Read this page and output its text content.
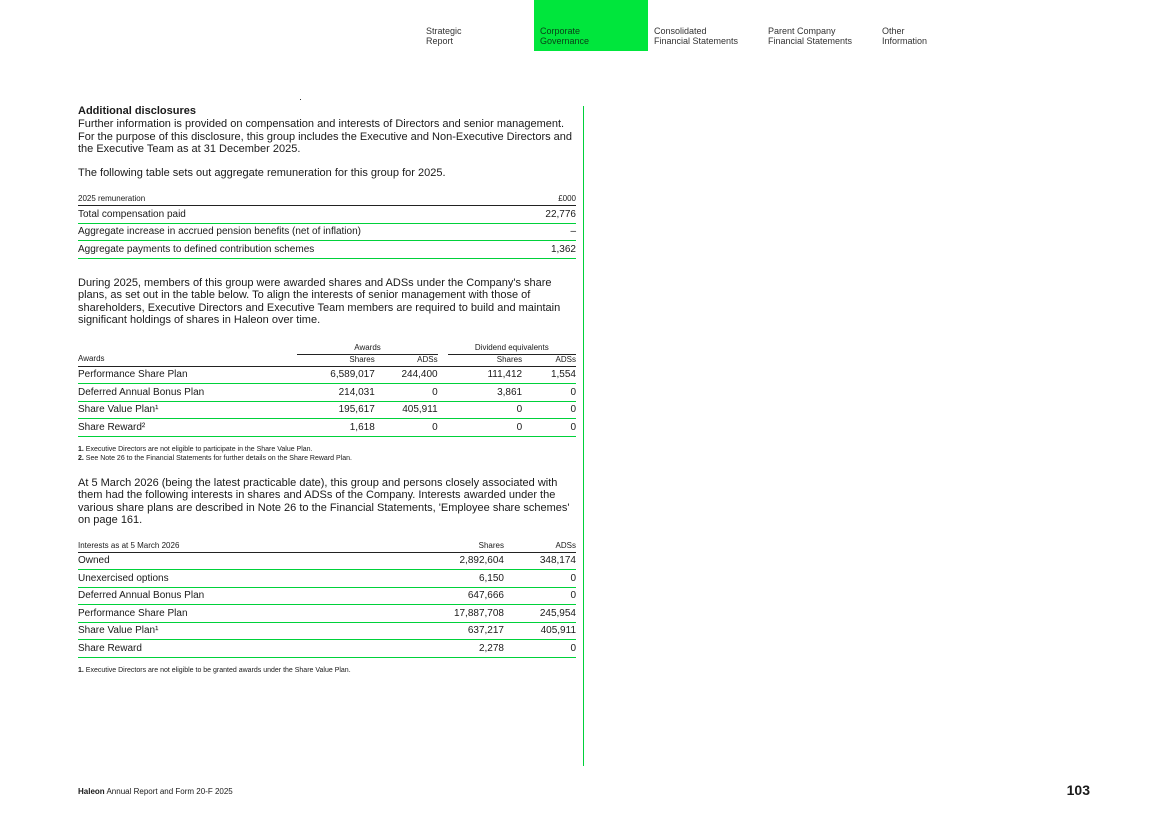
Strategic
Report
Corporate
Governance
Consolidated
Financial Statements
Parent Company
Financial Statements
Other
Information
Additional disclosures

Further information is provided on compensation and interests of Directors and senior management. For the purpose of this disclosure, this group includes the Executive and Non-Executive Directors and the Executive Team as at 31 December 2025.

The following table sets out aggregate remuneration for this group for 2025.

2025 remuneration	£000
Total compensation paid	22,776
Aggregate increase in accrued pension benefits (net of inflation)	–
Aggregate payments to defined contribution schemes	1,362

During 2025, members of this group were awarded shares and ADSs under the Company's share plans, as set out in the table below. To align the interests of senior management with those of shareholders, Executive Directors and Executive Team members are required to build and maintain significant holdings of shares in Haleon over time.

	Awards			Dividend equivalents	
Awards	Shares	ADSs		Shares	ADSs
Performance Share Plan	6,589,017	244,400		111,412	1,554
Deferred Annual Bonus Plan	214,031	0		3,861	0
Share Value Plan¹	195,617	405,911		0	0
Share Reward²	1,618	0		0	0

1. Executive Directors are not eligible to participate in the Share Value Plan.

2. See Note 26 to the Financial Statements for further details on the Share Reward Plan.

At 5 March 2026 (being the latest practicable date), this group and persons closely associated with them had the following interests in shares and ADSs of the Company. Interests awarded under the various share plans are described in Note 26 to the Financial Statements, 'Employee share schemes' on page 161.

Interests as at 5 March 2026	Shares	ADSs
Owned	2,892,604	348,174
Unexercised options	6,150	0
Deferred Annual Bonus Plan	647,666	0
Performance Share Plan	17,887,708	245,954
Share Value Plan¹	637,217	405,911
Share Reward	2,278	0

1. Executive Directors are not eligible to be granted awards under the Share Value Plan.

Haleon Annual Report and Form 20-F 2025	103
